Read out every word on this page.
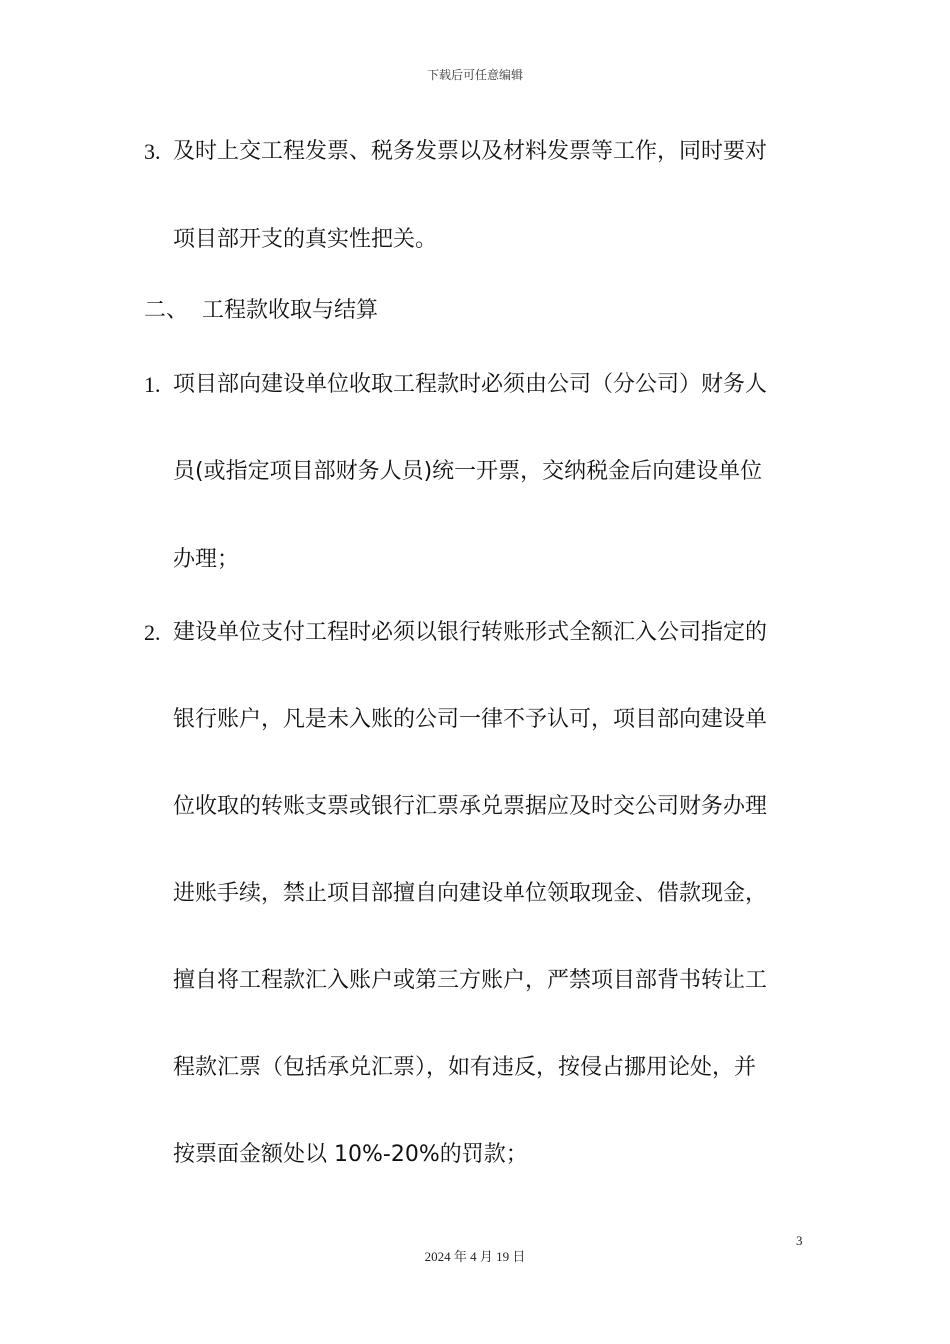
下载后可任意编辑
3. 及时上交工程发票、税务发票以及材料发票等工作，同时要对
项目部开支的真实性把关。
二、 工程款收取与结算
1. 项目部向建设单位收取工程款时必须由公司（分公司）财务人
员(或指定项目部财务人员)统一开票，交纳税金后向建设单位
办理；
2. 建设单位支付工程时必须以银行转账形式全额汇入公司指定的
银行账户，凡是未入账的公司一律不予认可，项目部向建设单
位收取的转账支票或银行汇票承兑票据应及时交公司财务办理
进账手续，禁止项目部擅自向建设单位领取现金、借款现金，
擅自将工程款汇入账户或第三方账户，严禁项目部背书转让工
程款汇票（包括承兑汇票），如有违反，按侵占挪用论处，并
按票面金额处以 10%-20%的罚款；
3
2024 年 4 月 19 日
